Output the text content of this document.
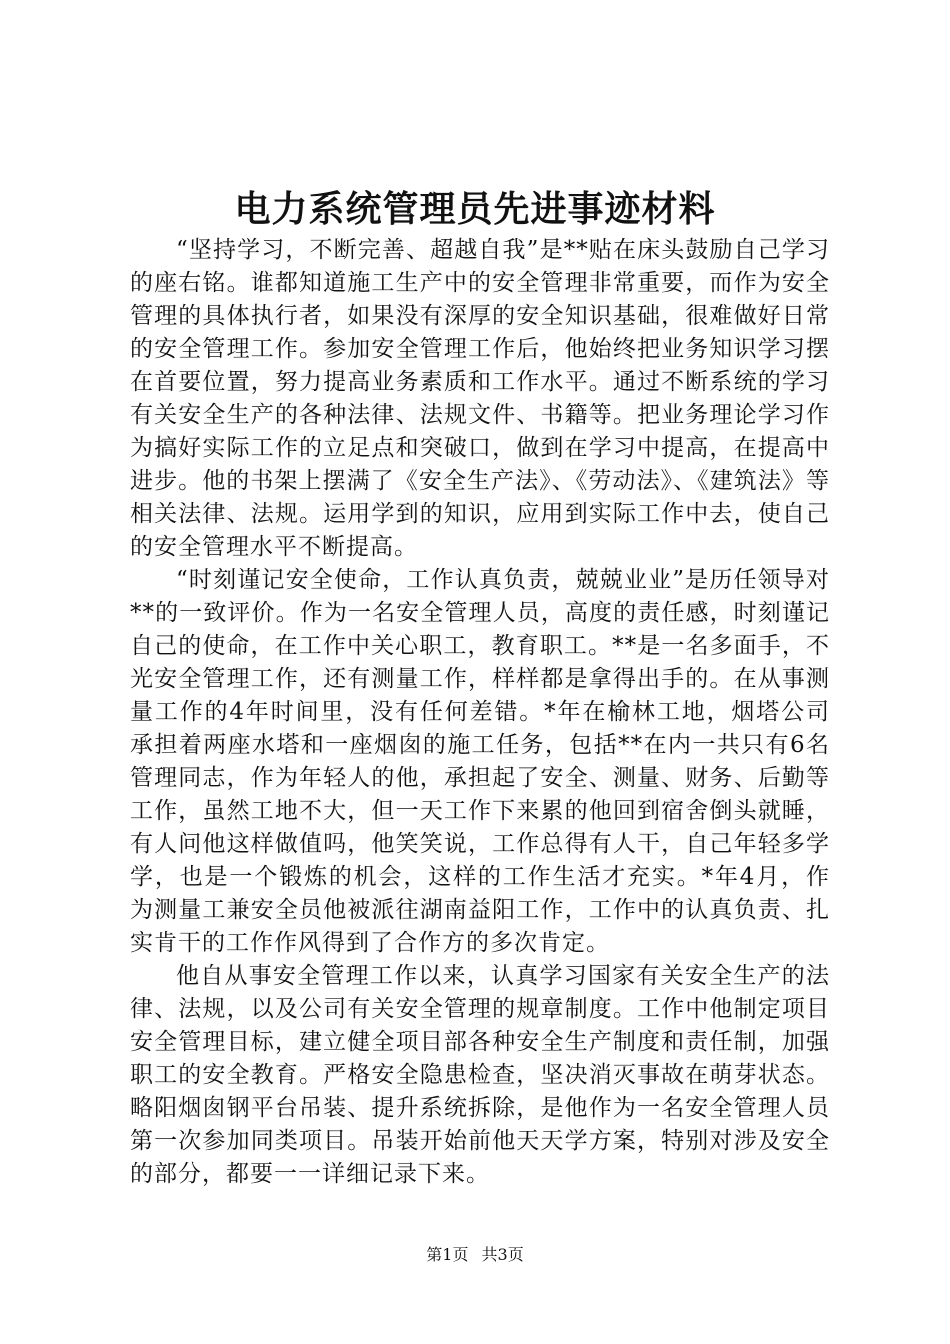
电力系统管理员先进事迹材料

“坚持学习，不断完善、超越自我”是**贴在床头鼓励自己学习的座右铭。谁都知道施工生产中的安全管理非常重要，而作为安全管理的具体执行者，如果没有深厚的安全知识基础，很难做好日常的安全管理工作。参加安全管理工作后，他始终把业务知识学习摆在首要位置，努力提高业务素质和工作水平。通过不断系统的学习有关安全生产的各种法律、法规文件、书籍等。把业务理论学习作为搞好实际工作的立足点和突破口，做到在学习中提高，在提高中进步。他的书架上摆满了《安全生产法》、《劳动法》、《建筑法》等相关法律、法规。运用学到的知识，应用到实际工作中去，使自己的安全管理水平不断提高。

“时刻谨记安全使命，工作认真负责，兢兢业业”是历任领导对**的一致评价。作为一名安全管理人员，高度的责任感，时刻谨记自己的使命，在工作中关心职工，教育职工。**是一名多面手，不光安全管理工作，还有测量工作，样样都是拿得出手的。在从事测量工作的4年时间里，没有任何差错。*年在榆林工地，烟塔公司承担着两座水塔和一座烟囱的施工任务，包括**在内一共只有6名管理同志，作为年轻人的他，承担起了安全、测量、财务、后勤等工作，虽然工地不大，但一天工作下来累的他回到宿舍倒头就睡，有人问他这样做值吗，他笑笑说，工作总得有人干，自己年轻多学学，也是一个锻炼的机会，这样的工作生活才充实。*年4月，作为测量工兼安全员他被派往湖南益阳工作，工作中的认真负责、扎实肯干的工作作风得到了合作方的多次肯定。

他自从事安全管理工作以来，认真学习国家有关安全生产的法律、法规，以及公司有关安全管理的规章制度。工作中他制定项目安全管理目标，建立健全项目部各种安全生产制度和责任制，加强职工的安全教育。严格安全隐患检查，坚决消灭事故在萌芽状态。略阳烟囱钢平台吊装、提升系统拆除，是他作为一名安全管理人员第一次参加同类项目。吊装开始前他天天学方案，特别对涉及安全的部分，都要一一详细记录下来。

第1页 共3页
